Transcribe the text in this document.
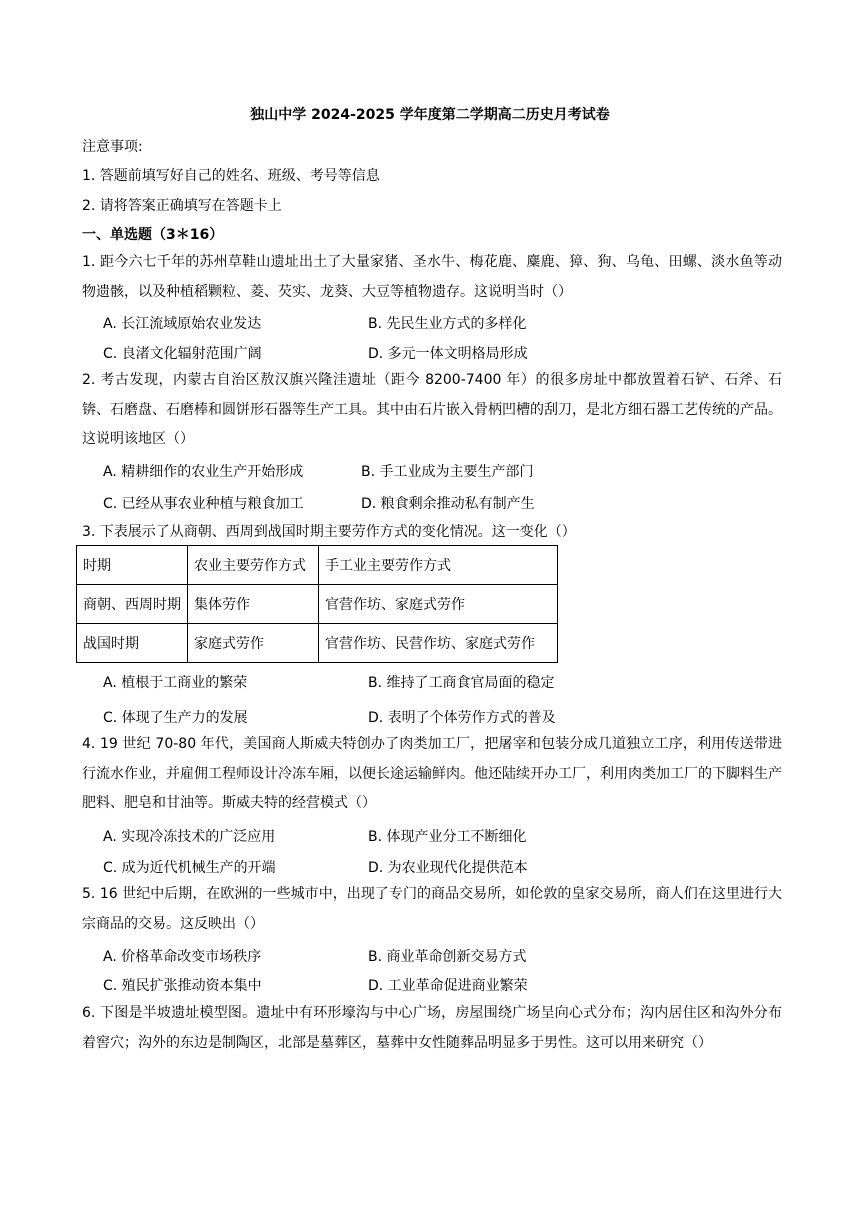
独山中学 2024-2025 学年度第二学期高二历史月考试卷
注意事项:
1. 答题前填写好自己的姓名、班级、考号等信息
2. 请将答案正确填写在答题卡上
一、单选题（3＊16）
1. 距今六七千年的苏州草鞋山遗址出土了大量家猪、圣水牛、梅花鹿、麋鹿、獐、狗、乌龟、田螺、淡水鱼等动物遗骸，以及种植稻颗粒、菱、芡实、龙葵、大豆等植物遗存。这说明当时（）
A. 长江流域原始农业发达	B. 先民生业方式的多样化
C. 良渚文化辐射范围广阔	D. 多元一体文明格局形成
2. 考古发现，内蒙古自治区敖汉旗兴隆洼遗址（距今 8200-7400 年）的很多房址中都放置着石铲、石斧、石锛、石磨盘、石磨棒和圆饼形石器等生产工具。其中由石片嵌入骨柄凹槽的刮刀，是北方细石器工艺传统的产品。这说明该地区（）
A. 精耕细作的农业生产开始形成	B. 手工业成为主要生产部门
C. 已经从事农业种植与粮食加工	D. 粮食剩余推动私有制产生
3. 下表展示了从商朝、西周到战国时期主要劳作方式的变化情况。这一变化（）
时期	农业主要劳作方式	手工业主要劳作方式
商朝、西周时期	集体劳作	官营作坊、家庭式劳作
战国时期	家庭式劳作	官营作坊、民营作坊、家庭式劳作
A. 植根于工商业的繁荣	B. 维持了工商食官局面的稳定
C. 体现了生产力的发展	D. 表明了个体劳作方式的普及
4. 19 世纪 70-80 年代，美国商人斯威夫特创办了肉类加工厂，把屠宰和包装分成几道独立工序，利用传送带进行流水作业，并雇佣工程师设计冷冻车厢，以便长途运输鲜肉。他还陆续开办工厂，利用肉类加工厂的下脚料生产肥料、肥皂和甘油等。斯威夫特的经营模式（）
A. 实现冷冻技术的广泛应用	B. 体现产业分工不断细化
C. 成为近代机械生产的开端	D. 为农业现代化提供范本
5. 16 世纪中后期，在欧洲的一些城市中，出现了专门的商品交易所，如伦敦的皇家交易所，商人们在这里进行大宗商品的交易。这反映出（）
A. 价格革命改变市场秩序	B. 商业革命创新交易方式
C. 殖民扩张推动资本集中	D. 工业革命促进商业繁荣
6. 下图是半坡遗址模型图。遗址中有环形壕沟与中心广场，房屋围绕广场呈向心式分布；沟内居住区和沟外分布着窖穴；沟外的东边是制陶区，北部是墓葬区，墓葬中女性随葬品明显多于男性。这可以用来研究（）
